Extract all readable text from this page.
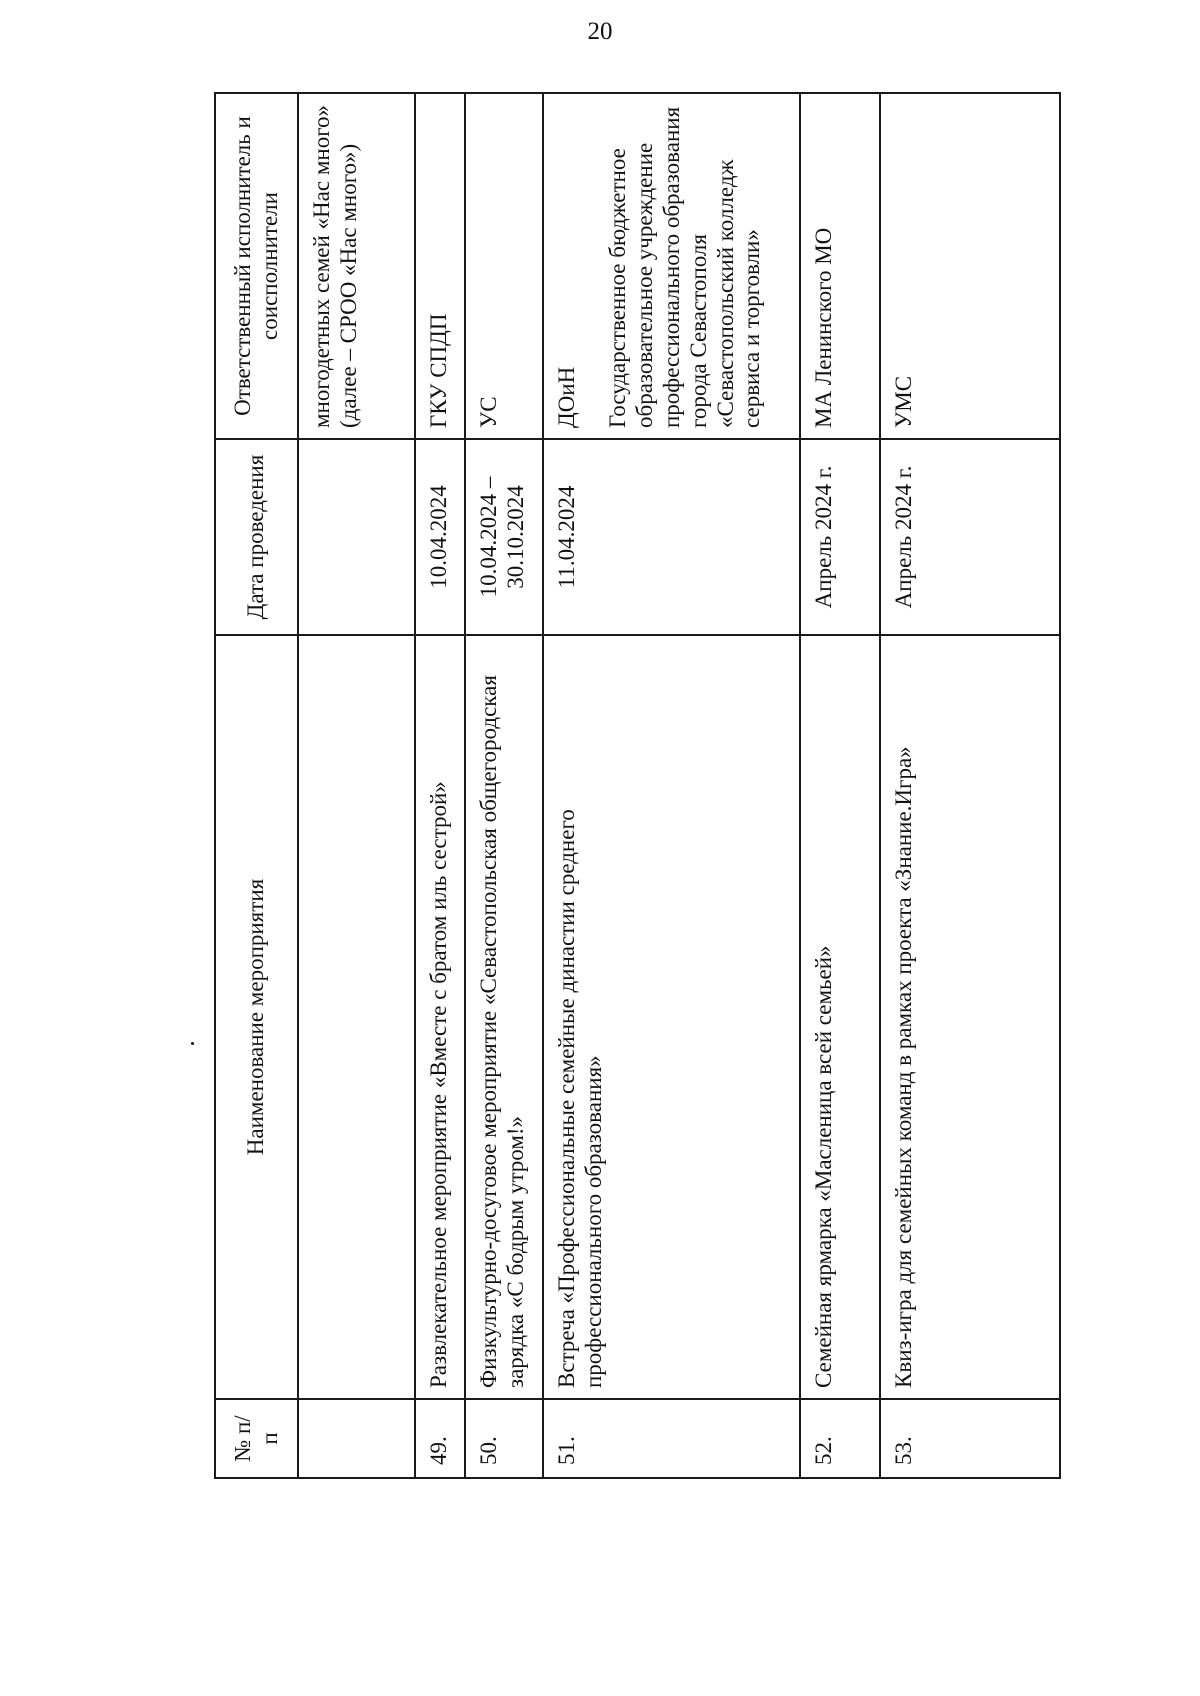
20
№ п/п	Наименование мероприятия	Дата проведения	Ответственный исполнитель и соисполнители
			многодетных семей «Нас много» (далее – СРОО «Нас много»)
49.	Развлекательное мероприятие «Вместе с братом иль сестрой»	10.04.2024	ГКУ СПДП
50.	Физкультурно-досуговое мероприятие «Севастопольская общегородская зарядка «С бодрым утром!»	10.04.2024 – 30.10.2024	УС
51.	Встреча «Профессиональные семейные династии среднего профессионального образования»	11.04.2024	ДОиН Государственное бюджетное образовательное учреждение профессионального образования города Севастополя «Севастопольский колледж сервиса и торговли»

52.	Семейная ярмарка «Масленица всей семьей»	Апрель 2024 г.	МА Ленинского МО
53.	Квиз-игра для семейных команд в рамках проекта «Знание.Игра»	Апрель 2024 г.	УМС
